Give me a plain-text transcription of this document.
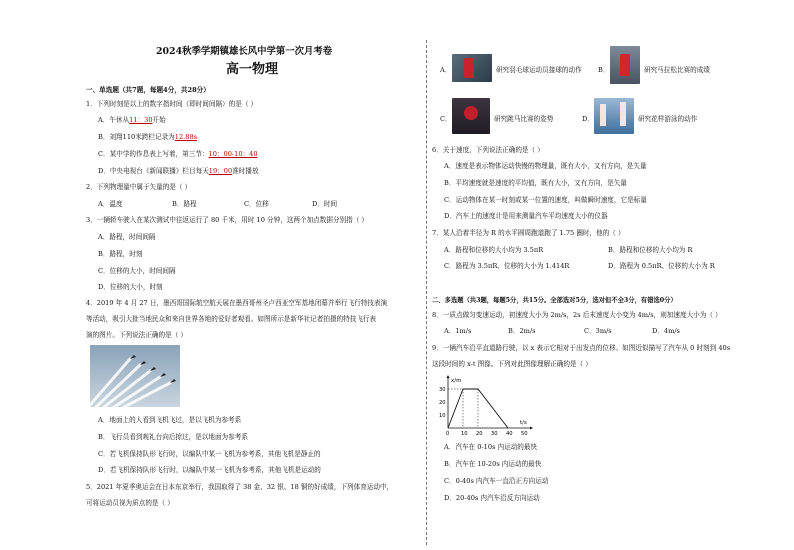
2024秋季学期镇雄长风中学第一次月考卷
高一物理
一、单选题（共7题，每题4分，共28分）
1．下列时刻是以上的数字指时间（即时间间隔）的是（ ）
A．午休从11：30开始
B．刘翔110米跨栏记录为12.88s
C．某中学的作息表上写着，第三节：10：00-10：40
D．中央电视台《新闻联播》栏目每天19：00准时播放
2．下列物理量中属于矢量的是（ ）
A．温度	B．路程	C．位移	D．时间
3．一辆轿车驶入在某次测试中往返运行了 80 千米，用时 10 分钟，这两个加点数据分别指（ ）
A．路程，时间间隔
B．路程，时刻
C．位移的大小，时间间隔
D．位移的大小，时刻
4．2019 年 4 月 27 日，墨西哥国际航空航天展在墨西哥州圣卢西亚空军基地闭幕并举行飞行特技表演
等活动，吸引大批当地民众和来自世界各地的爱好者观看。如图所示是新华社记者拍摄的特技飞行表
演的图片。下列说法正确的是（ ）
A．地面上的人看到飞机飞过，是以飞机为参考系
B．飞行员看到观礼台向后掠过，是以地面为参考系
C．若飞机保持队形飞行时，以编队中某一飞机为参考系，其他飞机是静止的
D．若飞机保持队形飞行时，以编队中某一飞机为参考系，其他飞机是运动的
5．2021 年夏季奥运会在日本东京举行，我国取得了 38 金、32 银、18 铜的好成绩，下列体育运动中，
可将运动员视为质点的是（ ）
A．	研究羽毛球运动员接球的动作 B．	研究马拉松比赛的成绩
C．	研究跳马比赛的姿势	D．	研究花样游泳的动作
6．关于速度，下列说法正确的是（ ）
A．速度是表示物体运动快慢的物理量，既有大小，又有方向，是矢量
B．平均速度就是速度的平均值，既有大小，又有方向，是矢量
C．运动物体在某一时刻或某一位置的速度，叫做瞬时速度，它是标量
D．汽车上的速度计是用来测量汽车平均速度大小的仪器
7．某人沿着半径为 R 的水平圆周跑道跑了 1.75 圈时，他的（ ）
A．路程和位移的大小均为 3.5πR	B．路程和位移的大小均为 R
C．路程为 3.5πR、位移的大小为 1.414R	D．路程为 0.5πR、位移的大小为 R
二、多选题（共3题，每题5分，共15分。全部选对5分，选对但不全3分，有错选0分）
8．一质点做匀变速运动，初速度大小为 2m/s，2s 后末速度大小变为 4m/s，则加速度大小为（ ）
A．1m/s	B．2m/s	C．3m/s	D．4m/s
9．一辆汽车沿平直道路行驶，以 x 表示它相对于出发点的位移。如图近似描写了汽车从 0 时刻到 40s
这段时间的 x-t 图像。下列对此图像理解正确的是（ ）
x/m
t/s
0 10 20 30 40 50
30
20
10
A．汽车在 0-10s 内运动的最快
B．汽车在 10-20s 内运动的最快
C．0-40s 内汽车一直沿正方向运动
D．20-40s 内汽车沿反方向运动
